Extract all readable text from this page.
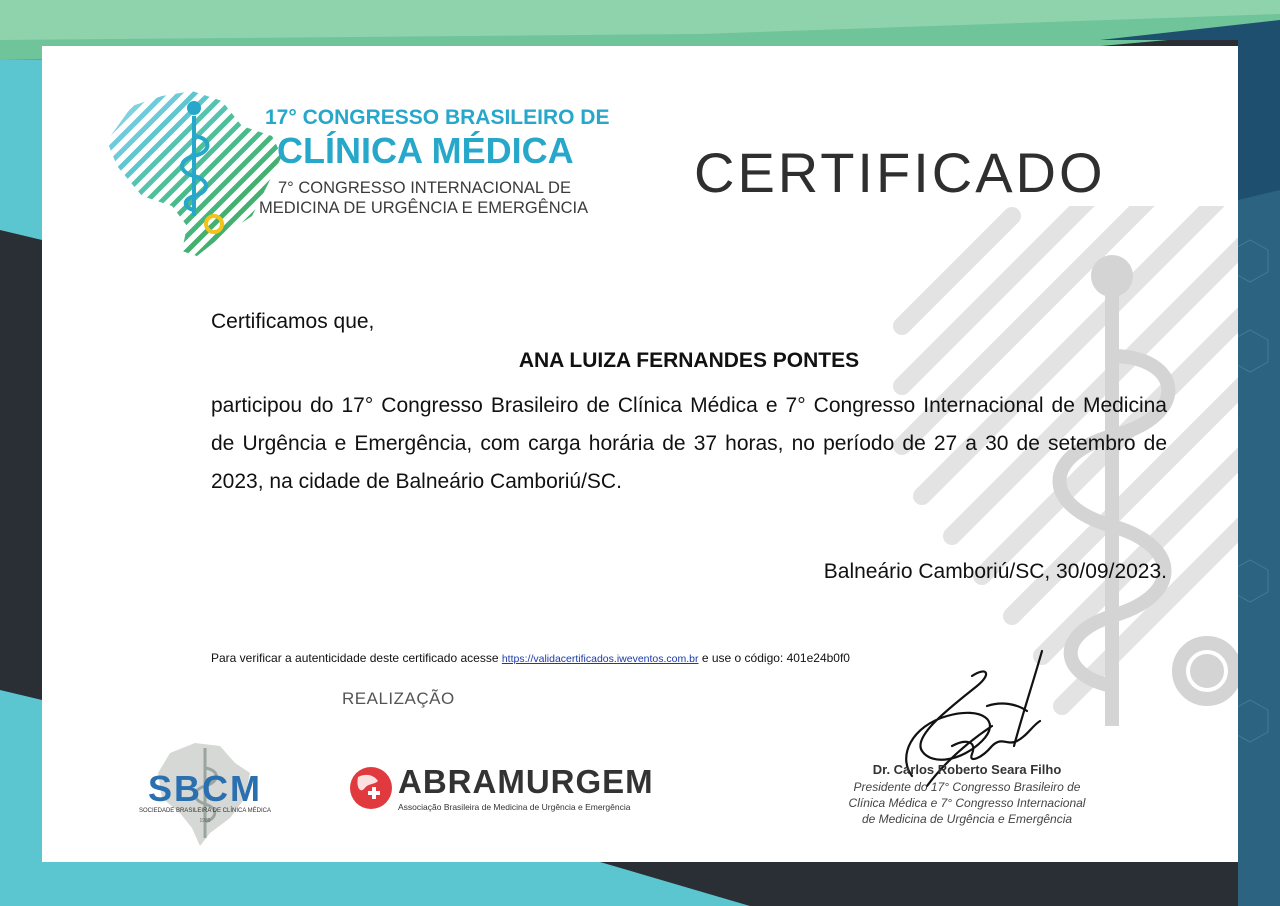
17° CONGRESSO BRASILEIRO DE
CLÍNICA MÉDICA
7° CONGRESSO INTERNACIONAL DE
MEDICINA DE URGÊNCIA E EMERGÊNCIA
CERTIFICADO
Certificamos que,
ANA LUIZA FERNANDES PONTES
participou do 17° Congresso Brasileiro de Clínica Médica e 7° Congresso Internacional de Medicina de Urgência e Emergência, com carga horária de 37 horas, no período de 27 a 30 de setembro de 2023, na cidade de Balneário Camboriú/SC.
Balneário Camboriú/SC, 30/09/2023.
Para verificar a autenticidade deste certificado acesse https://validacertificados.iweventos.com.br e use o código: 401e24b0f0
REALIZAÇÃO
SBCM
SOCIEDADE BRASILEIRA DE CLÍNICA MÉDICA
1989
ABRAMURGEM
Associação Brasileira de Medicina de Urgência e Emergência
Dr. Carlos Roberto Seara Filho
Presidente do 17° Congresso Brasileiro de
Clínica Médica e 7° Congresso Internacional
de Medicina de Urgência e Emergência
